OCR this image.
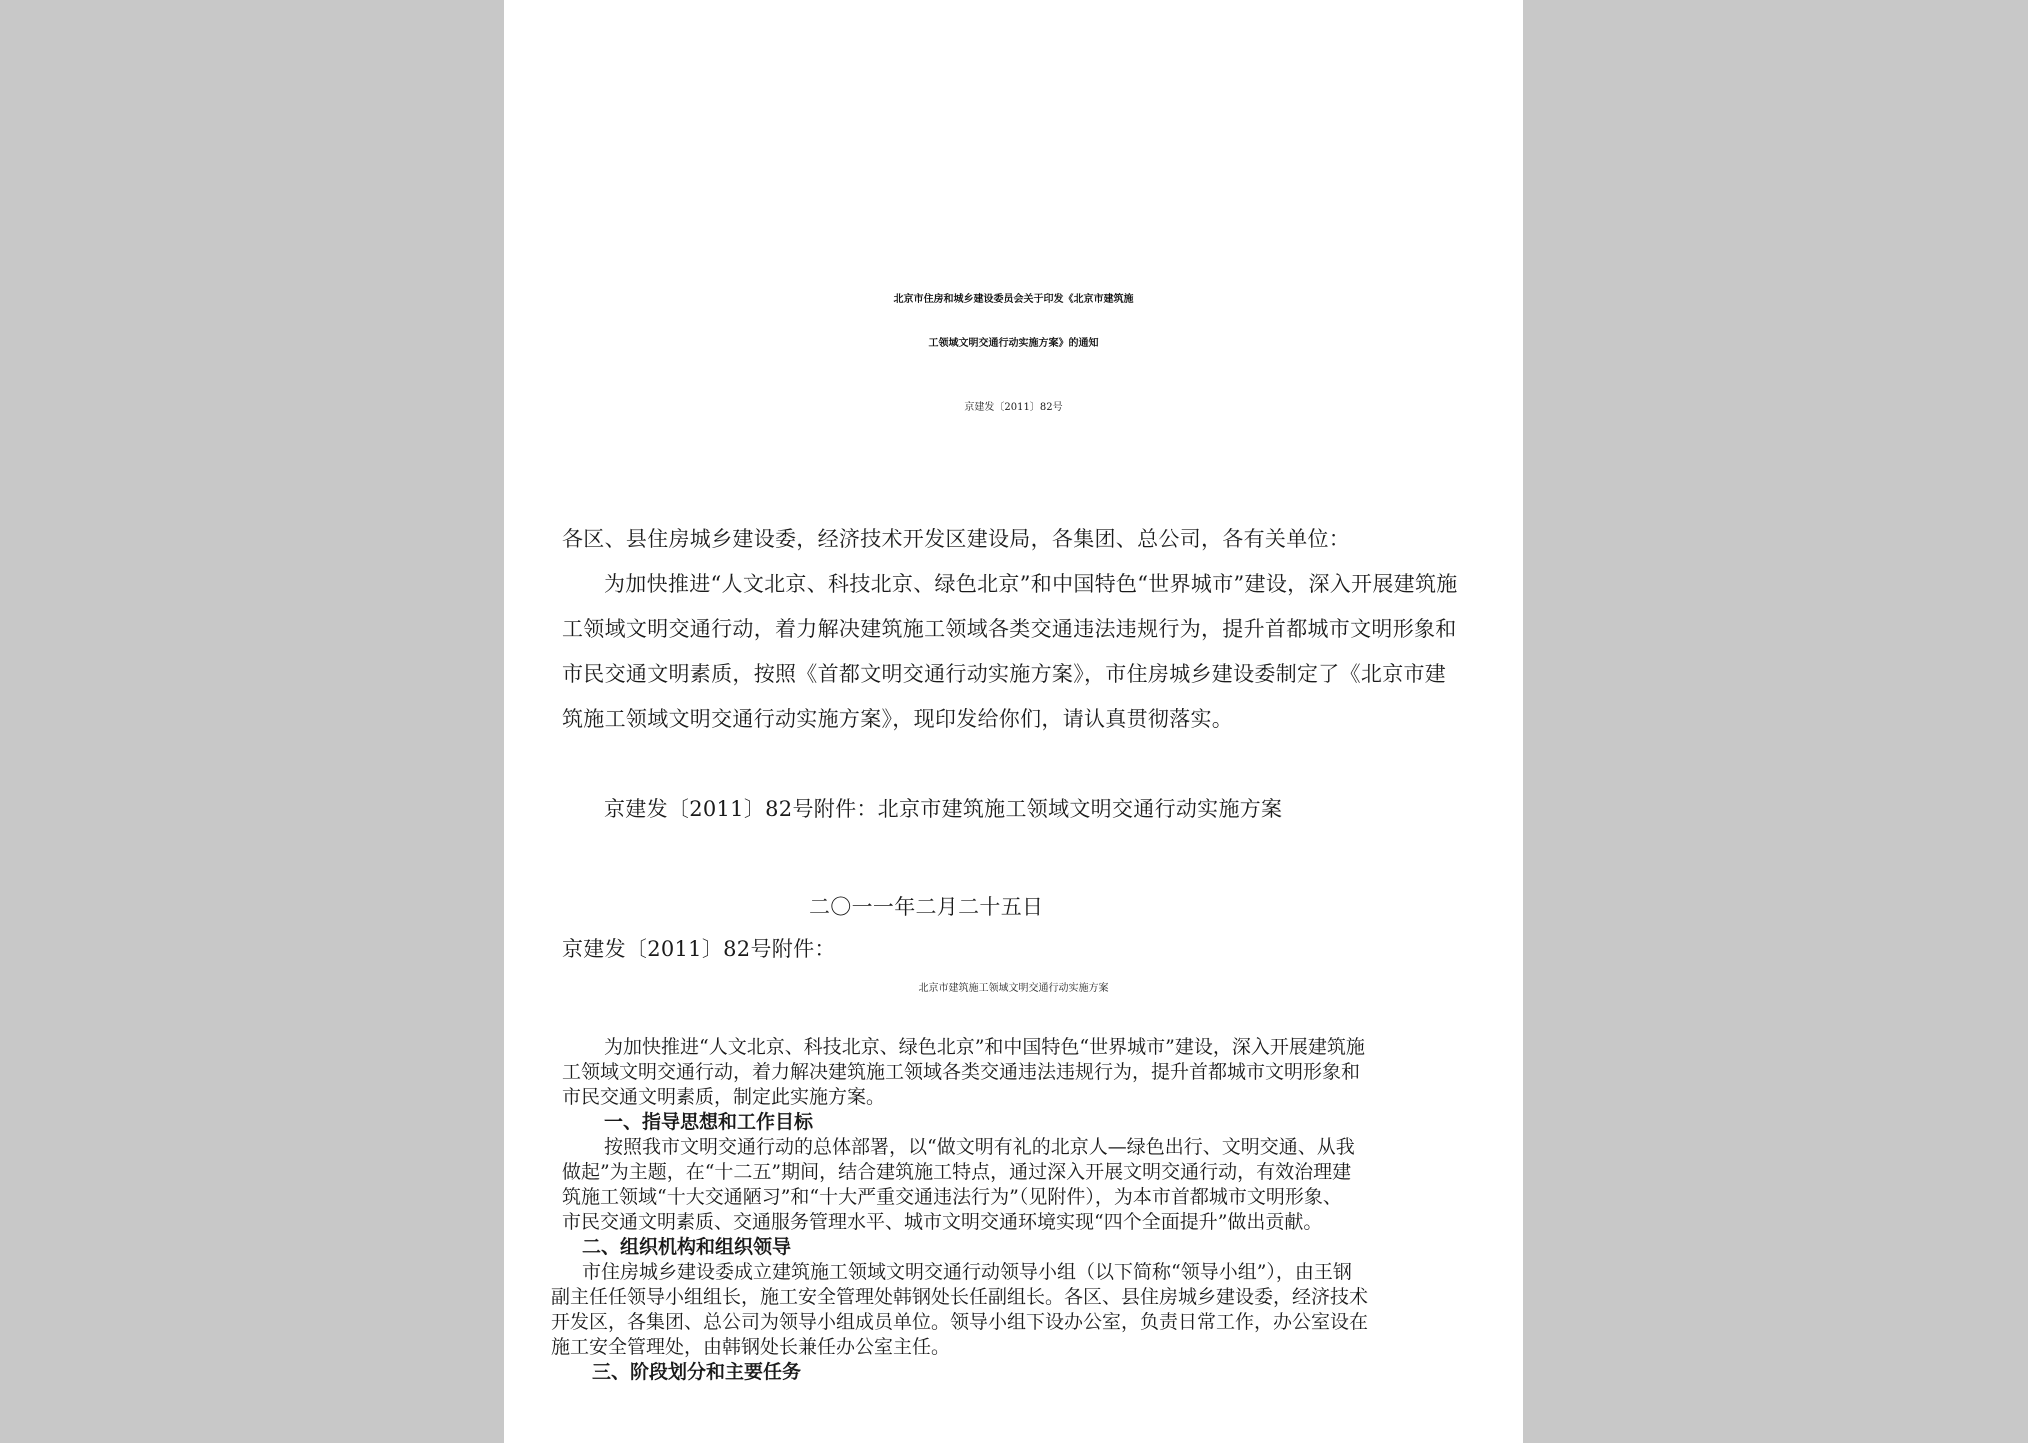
北京市住房和城乡建设委员会关于印发《北京市建筑施
工领域文明交通行动实施方案》的通知
京建发〔2011〕82号
各区、县住房城乡建设委，经济技术开发区建设局，各集团、总公司，各有关单位：
为加快推进“人文北京、科技北京、绿色北京”和中国特色“世界城市”建设，深入开展建筑施
工领域文明交通行动，着力解决建筑施工领域各类交通违法违规行为，提升首都城市文明形象和
市民交通文明素质，按照《首都文明交通行动实施方案》，市住房城乡建设委制定了《北京市建
筑施工领域文明交通行动实施方案》，现印发给你们，请认真贯彻落实。
京建发〔2011〕82号附件：北京市建筑施工领域文明交通行动实施方案
二〇一一年二月二十五日
京建发〔2011〕82号附件：
北京市建筑施工领域文明交通行动实施方案
为加快推进“人文北京、科技北京、绿色北京”和中国特色“世界城市”建设，深入开展建筑施
工领域文明交通行动，着力解决建筑施工领域各类交通违法违规行为，提升首都城市文明形象和
市民交通文明素质，制定此实施方案。
一、指导思想和工作目标
按照我市文明交通行动的总体部署，以“做文明有礼的北京人—绿色出行、文明交通、从我
做起”为主题，在“十二五”期间，结合建筑施工特点，通过深入开展文明交通行动，有效治理建
筑施工领域“十大交通陋习”和“十大严重交通违法行为”（见附件），为本市首都城市文明形象、
市民交通文明素质、交通服务管理水平、城市文明交通环境实现“四个全面提升”做出贡献。
二、组织机构和组织领导
市住房城乡建设委成立建筑施工领域文明交通行动领导小组（以下简称“领导小组”），由王钢
副主任任领导小组组长，施工安全管理处韩钢处长任副组长。各区、县住房城乡建设委，经济技术
开发区，各集团、总公司为领导小组成员单位。领导小组下设办公室，负责日常工作，办公室设在
施工安全管理处，由韩钢处长兼任办公室主任。
三、阶段划分和主要任务
